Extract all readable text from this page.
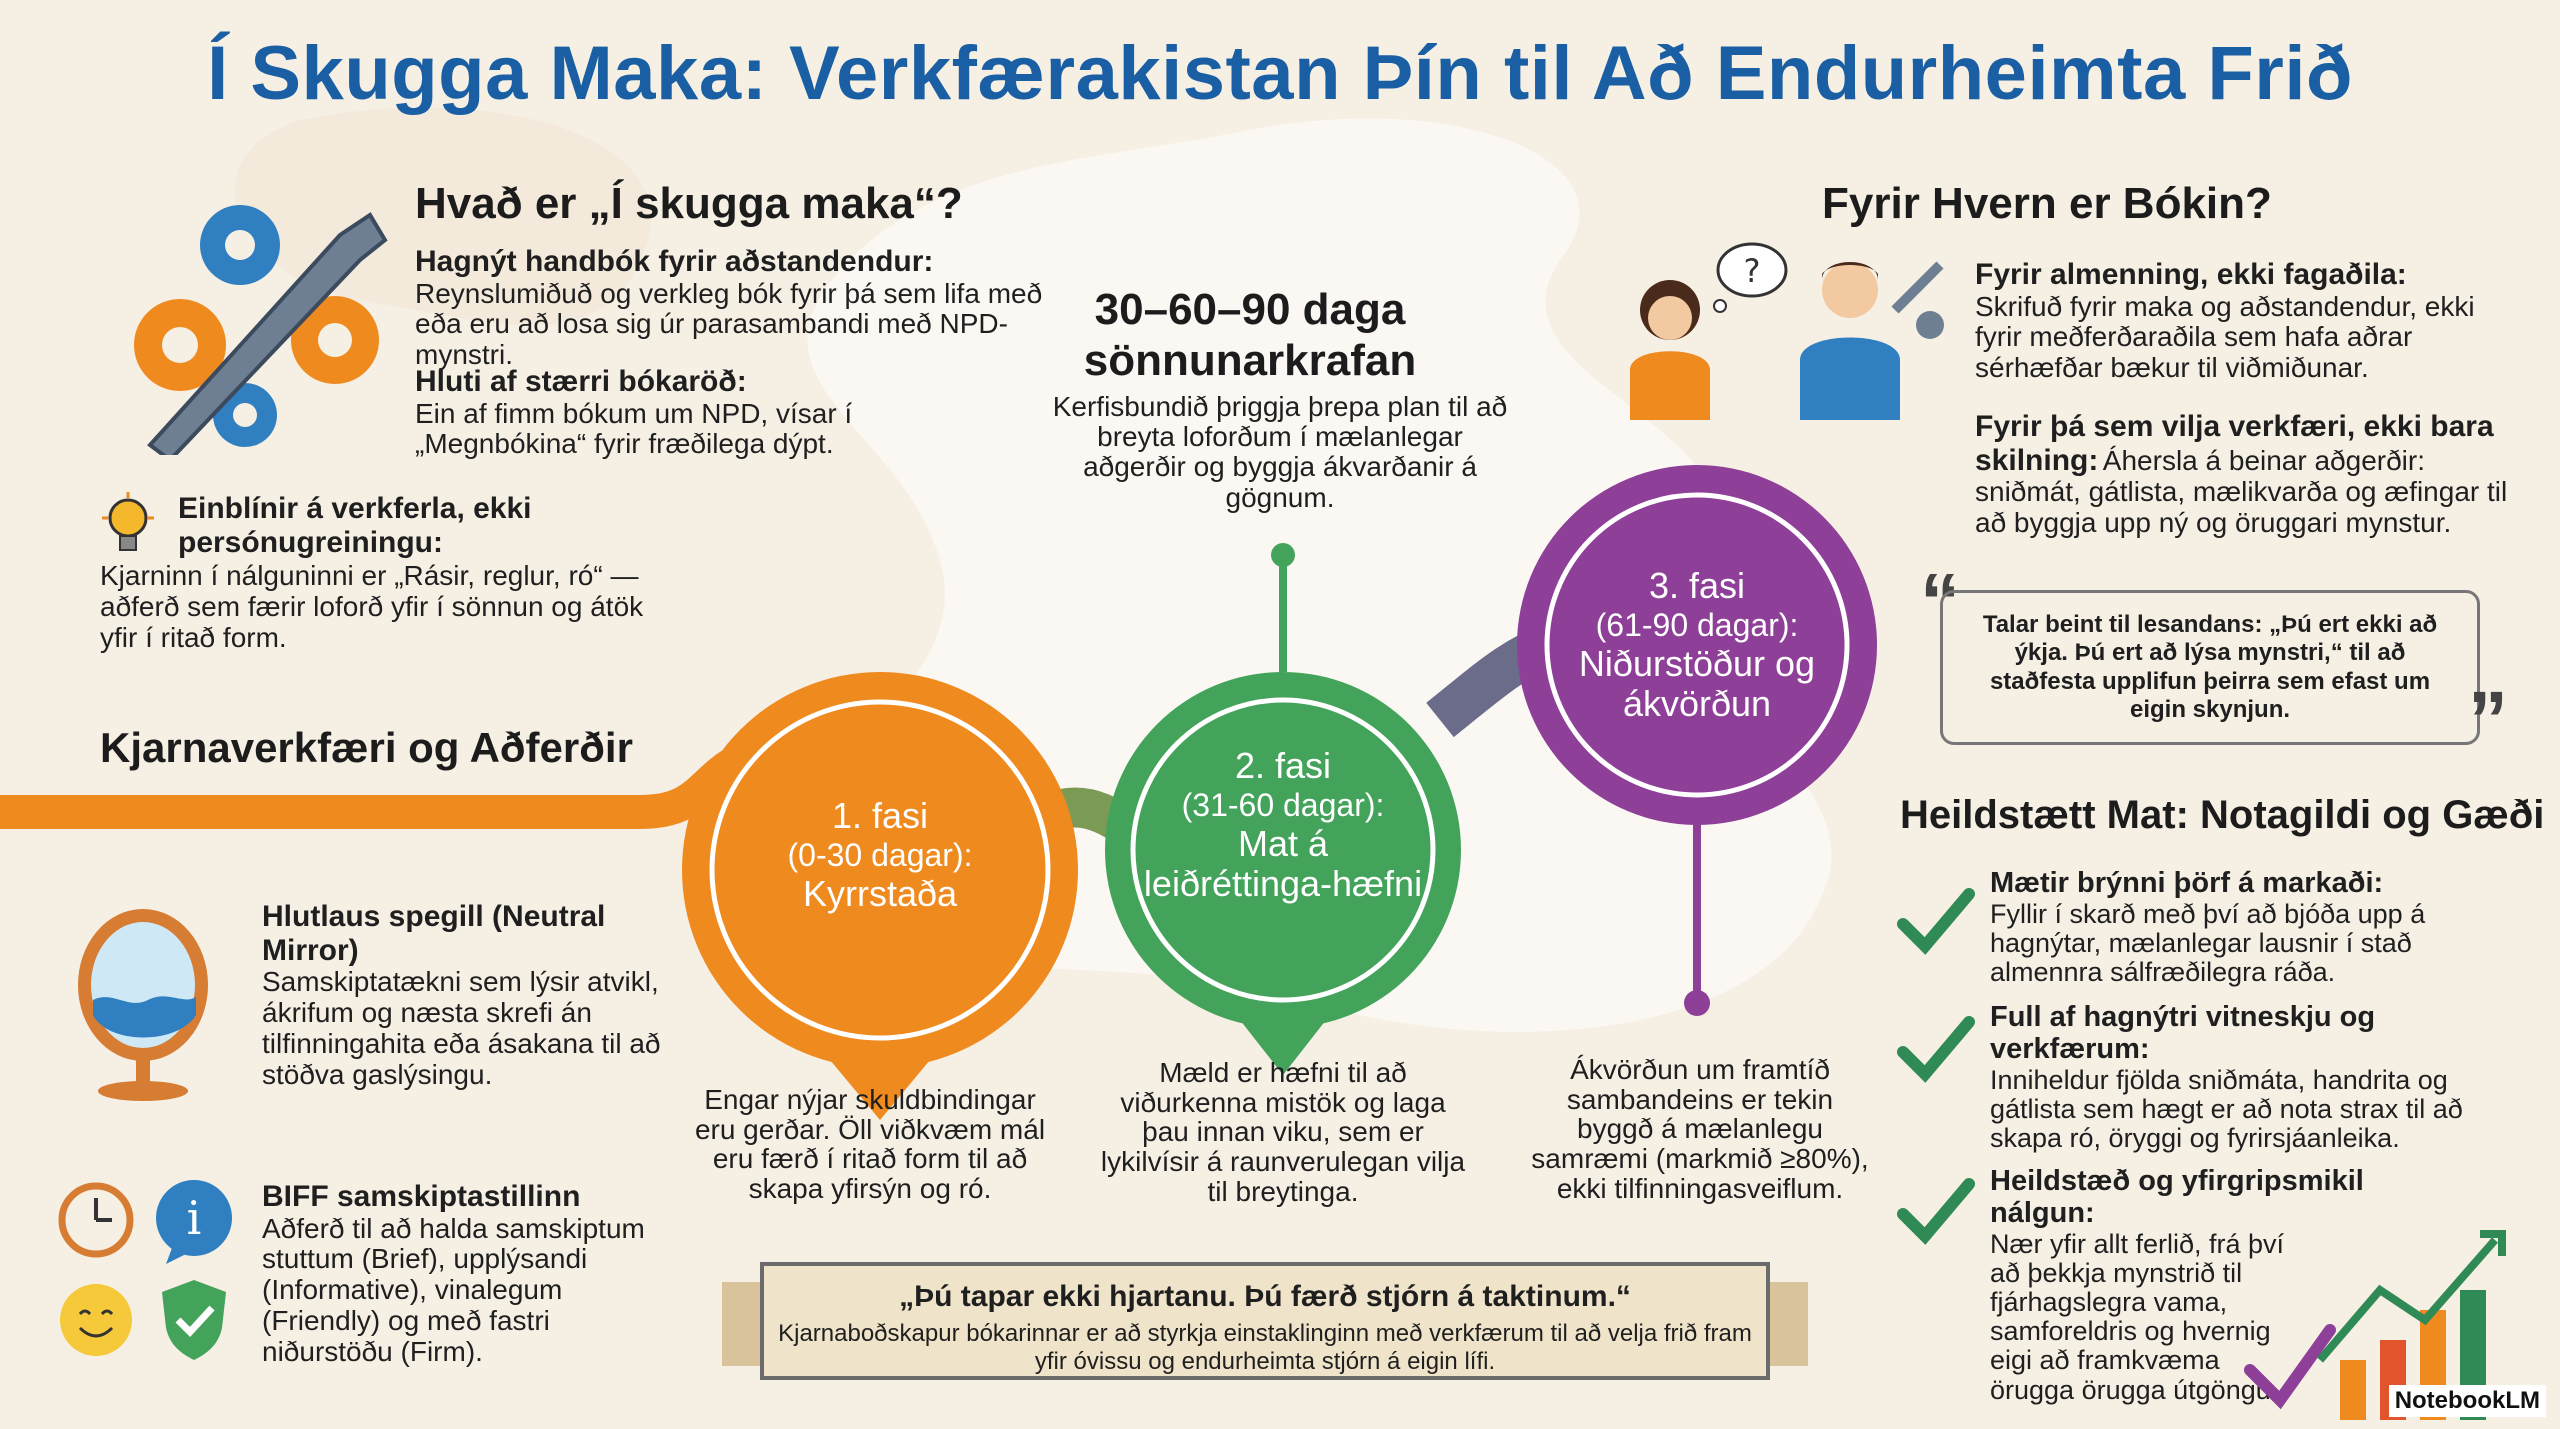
Í Skugga Maka: Verkfærakistan Þín til Að Endurheimta Frið
Hvað er „Í skugga maka“?
Hagnýt handbók fyrir aðstandendur:
Reynslumiðuð og verkleg bók fyrir þá sem lifa með eða eru að losa sig úr parasambandi með NPD-mynstri.
Hluti af stærri bókaröð:
Ein af fimm bókum um NPD, vísar í „Megnbókina“ fyrir fræðilega dýpt.
Einblínir á verkferla, ekki persónugreiningu:
Kjarninn í nálguninni er „Rásir, reglur, ró“ — aðferð sem færir loforð yfir í sönnun og átök yfir í ritað form.
30–60–90 daga sönnunarkrafan
Kerfisbundið þriggja þrepa plan til að breyta loforðum í mælanlegar aðgerðir og byggja ákvarðanir á gögnum.
Kjarnaverkfæri og Aðferðir
Hlutlaus spegill (Neutral Mirror)
Samskiptatækni sem lýsir atvikl, ákrifum og næsta skrefi án tilfinningahita eða ásakana til að stöðva gaslýsingu.
i BIFF samskiptastillinn
Aðferð til að halda samskiptum stuttum (Brief), upplýsandi (Informative), vinalegum (Friendly) og með fastri niðurstöðu (Firm).
1. fasi
(0-30 dagar):
Kyrrstaða
Engar nýjar skuldbindingar eru gerðar. Öll viðkvæm mál eru færð í ritað form til að skapa yfirsýn og ró.
2. fasi
(31-60 dagar):
Mat á leiðréttinga-hæfni
Mæld er hæfni til að viðurkenna mistök og laga þau innan viku, sem er lykilvísir á raunverulegan vilja til breytinga.
3. fasi
(61-90 dagar):
Niðurstöður og ákvörðun
Ákvörðun um framtíð sambandeins er tekin byggð á mælanlegu samræmi (markmið ≥80%), ekki tilfinningasveiflum.
Fyrir Hvern er Bókin?
?	Fyrir almenning, ekki fagaðila:
Skrifuð fyrir maka og aðstandendur, ekki fyrir meðferðaraðila sem hafa aðrar sérhæfðar bækur til viðmiðunar.
Fyrir þá sem vilja verkfæri, ekki bara skilning: Áhersla á beinar aðgerðir: sniðmát, gátlista, mælikvarða og æfingar til að byggja upp ný og öruggari mynstur.
“ Talar beint til lesandans: „Þú ert ekki að ýkja. Þú ert að lýsa mynstri,“ til að staðfesta upplifun þeirra sem efast um eigin skynjun.	”
Heildstætt Mat: Notagildi og Gæði
Mætir brýnni þörf á markaði:
Fyllir í skarð með því að bjóða upp á hagnýtar, mælanlegar lausnir í stað almennra sálfræðilegra ráða.
Full af hagnýtri vitneskju og verkfærum:
Inniheldur fjölda sniðmáta, handrita og gátlista sem hægt er að nota strax til að skapa ró, öryggi og fyrirsjáanleika.
Heildstæð og yfirgripsmikil nálgun:
Nær yfir allt ferlið, frá því að þekkja mynstrið til fjárhagslegra vama, samforeldris og hvernig eigi að framkvæma örugga örugga útgöngu.
„Þú tapar ekki hjartanu. Þú færð stjórn á taktinum.“
Kjarnaboðskapur bókarinnar er að styrkja einstaklinginn með verkfærum til að velja frið fram yfir óvissu og endurheimta stjórn á eigin lífi.
NotebookLM
